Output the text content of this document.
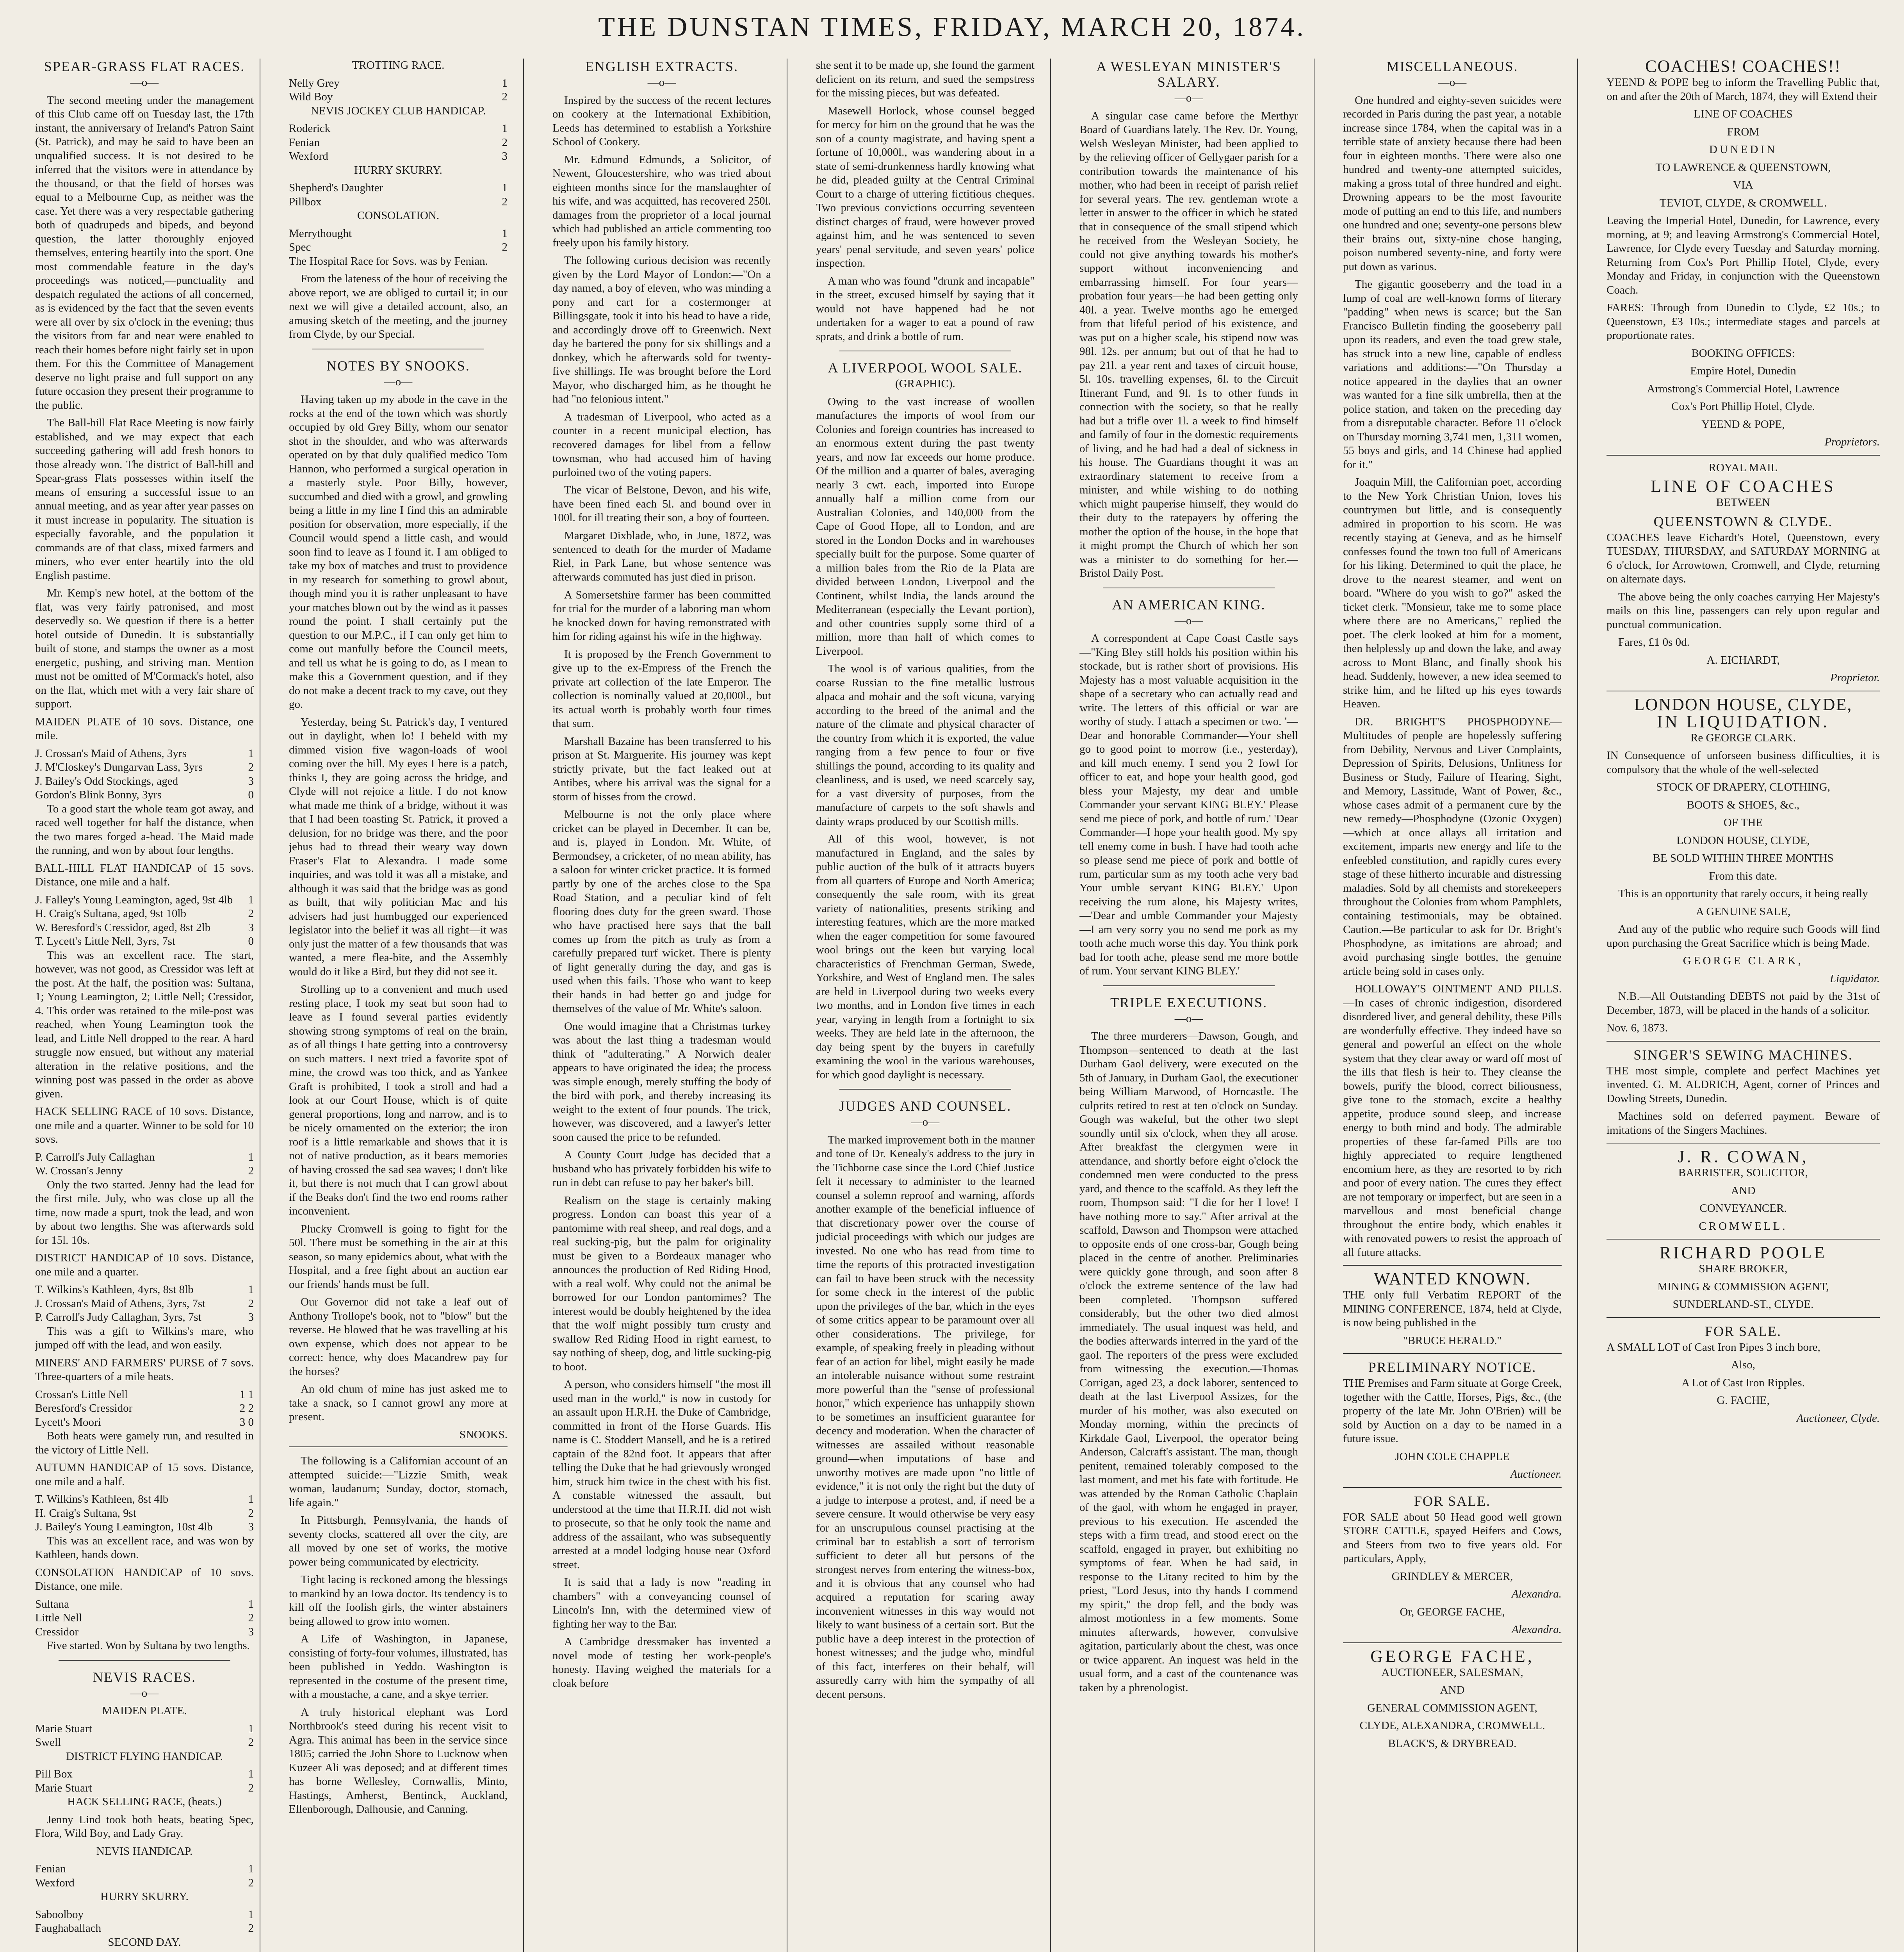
THE DUNSTAN TIMES, FRIDAY, MARCH 20, 1874.
SPEAR-GRASS FLAT RACES.
—o—

The second meeting under the management of this Club came off on Tuesday last, the 17th instant, the anniversary of Ireland's Patron Saint (St. Patrick), and may be said to have been an unqualified success. It is not desired to be inferred that the visitors were in attendance by the thousand, or that the field of horses was equal to a Melbourne Cup, as neither was the case. Yet there was a very respectable gathering both of quadrupeds and bipeds, and beyond question, the latter thoroughly enjoyed themselves, entering heartily into the sport. One most commendable feature in the day's proceedings was noticed,—punctuality and despatch regulated the actions of all concerned, as is evidenced by the fact that the seven events were all over by six o'clock in the evening; thus the visitors from far and near were enabled to reach their homes before night fairly set in upon them. For this the Committee of Management deserve no light praise and full support on any future occasion they present their programme to the public.

The Ball-hill Flat Race Meeting is now fairly established, and we may expect that each succeeding gathering will add fresh honors to those already won. The district of Ball-hill and Spear-grass Flats possesses within itself the means of ensuring a successful issue to an annual meeting, and as year after year passes on it must increase in popularity. The situation is especially favorable, and the population it commands are of that class, mixed farmers and miners, who ever enter heartily into the old English pastime.

Mr. Kemp's new hotel, at the bottom of the flat, was very fairly patronised, and most deservedly so. We question if there is a better hotel outside of Dunedin. It is substantially built of stone, and stamps the owner as a most energetic, pushing, and striving man. Mention must not be omitted of M'Cormack's hotel, also on the flat, which met with a very fair share of support.

MAIDEN PLATE of 10 sovs. Distance, one mile.

J. Crossan's Maid of Athens, 3yrs	1
J. M'Closkey's Dungarvan Lass, 3yrs	2
J. Bailey's Odd Stockings, aged	3
Gordon's Blink Bonny, 3yrs	0

To a good start the whole team got away, and raced well together for half the distance, when the two mares forged a-head. The Maid made the running, and won by about four lengths.

BALL-HILL FLAT HANDICAP of 15 sovs. Distance, one mile and a half.

J. Falley's Young Leamington, aged, 9st 4lb 1
H. Craig's Sultana, aged, 9st 10lb	2
W. Beresford's Cressidor, aged, 8st 2lb	3
T. Lycett's Little Nell, 3yrs, 7st	0

This was an excellent race. The start, however, was not good, as Cressidor was left at the post. At the half, the position was: Sultana, 1; Young Leamington, 2; Little Nell; Cressidor, 4. This order was retained to the mile-post was reached, when Young Leamington took the lead, and Little Nell dropped to the rear. A hard struggle now ensued, but without any material alteration in the relative positions, and the winning post was passed in the order as above given.

HACK SELLING RACE of 10 sovs. Distance, one mile and a quarter. Winner to be sold for 10 sovs.

P. Carroll's July Callaghan	1
W. Crossan's Jenny	2

Only the two started. Jenny had the lead for the first mile. July, who was close up all the time, now made a spurt, took the lead, and won by about two lengths. She was afterwards sold for 15l. 10s.

DISTRICT HANDICAP of 10 sovs. Distance, one mile and a quarter.

T. Wilkins's Kathleen, 4yrs, 8st 8lb	1
J. Crossan's Maid of Athens, 3yrs, 7st	2
P. Carroll's Judy Callaghan, 3yrs, 7st	3

This was a gift to Wilkins's mare, who jumped off with the lead, and won easily.

MINERS' AND FARMERS' PURSE of 7 sovs. Three-quarters of a mile heats.

Crossan's Little Nell	1 1
Beresford's Cressidor	2 2
Lycett's Moori	3 0

Both heats were gamely run, and resulted in the victory of Little Nell.

AUTUMN HANDICAP of 15 sovs. Distance, one mile and a half.

T. Wilkins's Kathleen, 8st 4lb	1
H. Craig's Sultana, 9st	2
J. Bailey's Young Leamington, 10st 4lb	3

This was an excellent race, and was won by Kathleen, hands down.

CONSOLATION HANDICAP of 10 sovs. Distance, one mile.

Sultana	1
Little Nell	2
Cressidor	3

Five started. Won by Sultana by two lengths.

NEVIS RACES.
—o—

MAIDEN PLATE.

Marie Stuart	1
Swell	2

DISTRICT FLYING HANDICAP.

Pill Box	1
Marie Stuart	2

HACK SELLING RACE, (heats.)

Jenny Lind took both heats, beating Spec, Flora, Wild Boy, and Lady Gray.

NEVIS HANDICAP.

Fenian	1
Wexford	2

HURRY SKURRY.

Saboolboy	1
Faughaballach	2

SECOND DAY.

TROTTING RACE.

Nelly Grey	1
Wild Boy	2

NEVIS JOCKEY CLUB HANDICAP.

Roderick	1
Fenian	2
Wexford	3

HURRY SKURRY.

Shepherd's Daughter	1
Pillbox	2

CONSOLATION.

Merrythought	1
Spec	2

The Hospital Race for Sovs. was by Fenian.

From the lateness of the hour of receiving the above report, we are obliged to curtail it; in our next we will give a detailed account, also, an amusing sketch of the meeting, and the journey from Clyde, by our Special.

NOTES BY SNOOKS.
—o—

Having taken up my abode in the cave in the rocks at the end of the town which was shortly occupied by old Grey Billy, whom our senator shot in the shoulder, and who was afterwards operated on by that duly qualified medico Tom Hannon, who performed a surgical operation in a masterly style. Poor Billy, however, succumbed and died with a growl, and growling being a little in my line I find this an admirable position for observation, more especially, if the Council would spend a little cash, and would soon find to leave as I found it. I am obliged to take my box of matches and trust to providence in my research for something to growl about, though mind you it is rather unpleasant to have your matches blown out by the wind as it passes round the point. I shall certainly put the question to our M.P.C., if I can only get him to come out manfully before the Council meets, and tell us what he is going to do, as I mean to make this a Government question, and if they do not make a decent track to my cave, out they go.

Yesterday, being St. Patrick's day, I ventured out in daylight, when lo! I beheld with my dimmed vision five wagon-loads of wool coming over the hill. My eyes I here is a patch, thinks I, they are going across the bridge, and Clyde will not rejoice a little. I do not know what made me think of a bridge, without it was that I had been toasting St. Patrick, it proved a delusion, for no bridge was there, and the poor jehus had to thread their weary way down Fraser's Flat to Alexandra. I made some inquiries, and was told it was all a mistake, and although it was said that the bridge was as good as built, that wily politician Mac and his advisers had just humbugged our experienced legislator into the belief it was all right—it was only just the matter of a few thousands that was wanted, a mere flea-bite, and the Assembly would do it like a Bird, but they did not see it.

Strolling up to a convenient and much used resting place, I took my seat but soon had to leave as I found several parties evidently showing strong symptoms of real on the brain, as of all things I hate getting into a controversy on such matters. I next tried a favorite spot of mine, the crowd was too thick, and as Yankee Graft is prohibited, I took a stroll and had a look at our Court House, which is of quite general proportions, long and narrow, and is to be nicely ornamented on the exterior; the iron roof is a little remarkable and shows that it is not of native production, as it bears memories of having crossed the sad sea waves; I don't like it, but there is not much that I can growl about if the Beaks don't find the two end rooms rather inconvenient.

Plucky Cromwell is going to fight for the 50l. There must be something in the air at this season, so many epidemics about, what with the Hospital, and a free fight about an auction ear our friends' hands must be full.

Our Governor did not take a leaf out of Anthony Trollope's book, not to "blow" but the reverse. He blowed that he was travelling at his own expense, which does not appear to be correct: hence, why does Macandrew pay for the horses?

An old chum of mine has just asked me to take a snack, so I cannot growl any more at present.

SNOOKS.

The following is a Californian account of an attempted suicide:—"Lizzie Smith, weak woman, laudanum; Sunday, doctor, stomach, life again."

In Pittsburgh, Pennsylvania, the hands of seventy clocks, scattered all over the city, are all moved by one set of works, the motive power being communicated by electricity.

Tight lacing is reckoned among the blessings to mankind by an Iowa doctor. Its tendency is to kill off the foolish girls, the winter abstainers being allowed to grow into women.

A Life of Washington, in Japanese, consisting of forty-four volumes, illustrated, has been published in Yeddo. Washington is represented in the costume of the present time, with a moustache, a cane, and a skye terrier.

A truly historical elephant was Lord Northbrook's steed during his recent visit to Agra. This animal has been in the service since 1805; carried the John Shore to Lucknow when Kuzeer Ali was deposed; and at different times has borne Wellesley, Cornwallis, Minto, Hastings, Amherst, Bentinck, Auckland, Ellenborough, Dalhousie, and Canning.

ENGLISH EXTRACTS.
—o—

Inspired by the success of the recent lectures on cookery at the International Exhibition, Leeds has determined to establish a Yorkshire School of Cookery.

Mr. Edmund Edmunds, a Solicitor, of Newent, Gloucestershire, who was tried about eighteen months since for the manslaughter of his wife, and was acquitted, has recovered 250l. damages from the proprietor of a local journal which had published an article commenting too freely upon his family history.

The following curious decision was recently given by the Lord Mayor of London:—"On a day named, a boy of eleven, who was minding a pony and cart for a costermonger at Billingsgate, took it into his head to have a ride, and accordingly drove off to Greenwich. Next day he bartered the pony for six shillings and a donkey, which he afterwards sold for twenty-five shillings. He was brought before the Lord Mayor, who discharged him, as he thought he had "no felonious intent."

A tradesman of Liverpool, who acted as a counter in a recent municipal election, has recovered damages for libel from a fellow townsman, who had accused him of having purloined two of the voting papers.

The vicar of Belstone, Devon, and his wife, have been fined each 5l. and bound over in 100l. for ill treating their son, a boy of fourteen.

Margaret Dixblade, who, in June, 1872, was sentenced to death for the murder of Madame Riel, in Park Lane, but whose sentence was afterwards commuted has just died in prison.

A Somersetshire farmer has been committed for trial for the murder of a laboring man whom he knocked down for having remonstrated with him for riding against his wife in the highway.

It is proposed by the French Government to give up to the ex-Empress of the French the private art collection of the late Emperor. The collection is nominally valued at 20,000l., but its actual worth is probably worth four times that sum.

Marshall Bazaine has been transferred to his prison at St. Marguerite. His journey was kept strictly private, but the fact leaked out at Antibes, where his arrival was the signal for a storm of hisses from the crowd.

Melbourne is not the only place where cricket can be played in December. It can be, and is, played in London. Mr. White, of Bermondsey, a cricketer, of no mean ability, has a saloon for winter cricket practice. It is formed partly by one of the arches close to the Spa Road Station, and a peculiar kind of felt flooring does duty for the green sward. Those who have practised here says that the ball comes up from the pitch as truly as from a carefully prepared turf wicket. There is plenty of light generally during the day, and gas is used when this fails. Those who want to keep their hands in had better go and judge for themselves of the value of Mr. White's saloon.

One would imagine that a Christmas turkey was about the last thing a tradesman would think of "adulterating." A Norwich dealer appears to have originated the idea; the process was simple enough, merely stuffing the body of the bird with pork, and thereby increasing its weight to the extent of four pounds. The trick, however, was discovered, and a lawyer's letter soon caused the price to be refunded.

A County Court Judge has decided that a husband who has privately forbidden his wife to run in debt can refuse to pay her baker's bill.

Realism on the stage is certainly making progress. London can boast this year of a pantomime with real sheep, and real dogs, and a real sucking-pig, but the palm for originality must be given to a Bordeaux manager who announces the production of Red Riding Hood, with a real wolf. Why could not the animal be borrowed for our London pantomimes? The interest would be doubly heightened by the idea that the wolf might possibly turn crusty and swallow Red Riding Hood in right earnest, to say nothing of sheep, dog, and little sucking-pig to boot.

A person, who considers himself "the most ill used man in the world," is now in custody for an assault upon H.R.H. the Duke of Cambridge, committed in front of the Horse Guards. His name is C. Stoddert Mansell, and he is a retired captain of the 82nd foot. It appears that after telling the Duke that he had grievously wronged him, struck him twice in the chest with his fist. A constable witnessed the assault, but understood at the time that H.R.H. did not wish to prosecute, so that he only took the name and address of the assailant, who was subsequently arrested at a model lodging house near Oxford street.

It is said that a lady is now "reading in chambers" with a conveyancing counsel of Lincoln's Inn, with the determined view of fighting her way to the Bar.

A Cambridge dressmaker has invented a novel mode of testing her work-people's honesty. Having weighed the materials for a cloak before

she sent it to be made up, she found the garment deficient on its return, and sued the sempstress for the missing pieces, but was defeated.

Masewell Horlock, whose counsel begged for mercy for him on the ground that he was the son of a county magistrate, and having spent a fortune of 10,000l., was wandering about in a state of semi-drunkenness hardly knowing what he did, pleaded guilty at the Central Criminal Court to a charge of uttering fictitious cheques. Two previous convictions occurring seventeen distinct charges of fraud, were however proved against him, and he was sentenced to seven years' penal servitude, and seven years' police inspection.

A man who was found "drunk and incapable" in the street, excused himself by saying that it would not have happened had he not undertaken for a wager to eat a pound of raw sprats, and drink a bottle of rum.

A LIVERPOOL WOOL SALE.

(GRAPHIC).

Owing to the vast increase of woollen manufactures the imports of wool from our Colonies and foreign countries has increased to an enormous extent during the past twenty years, and now far exceeds our home produce. Of the million and a quarter of bales, averaging nearly 3 cwt. each, imported into Europe annually half a million come from our Australian Colonies, and 140,000 from the Cape of Good Hope, all to London, and are stored in the London Docks and in warehouses specially built for the purpose. Some quarter of a million bales from the Rio de la Plata are divided between London, Liverpool and the Continent, whilst India, the lands around the Mediterranean (especially the Levant portion), and other countries supply some third of a million, more than half of which comes to Liverpool.

The wool is of various qualities, from the coarse Russian to the fine metallic lustrous alpaca and mohair and the soft vicuna, varying according to the breed of the animal and the nature of the climate and physical character of the country from which it is exported, the value ranging from a few pence to four or five shillings the pound, according to its quality and cleanliness, and is used, we need scarcely say, for a vast diversity of purposes, from the manufacture of carpets to the soft shawls and dainty wraps produced by our Scottish mills.

All of this wool, however, is not manufactured in England, and the sales by public auction of the bulk of it attracts buyers from all quarters of Europe and North America; consequently the sale room, with its great variety of nationalities, presents striking and interesting features, which are the more marked when the eager competition for some favoured wool brings out the keen but varying local characteristics of Frenchman German, Swede, Yorkshire, and West of England men. The sales are held in Liverpool during two weeks every two months, and in London five times in each year, varying in length from a fortnight to six weeks. They are held late in the afternoon, the day being spent by the buyers in carefully examining the wool in the various warehouses, for which good daylight is necessary.

JUDGES AND COUNSEL.
—o—

The marked improvement both in the manner and tone of Dr. Kenealy's address to the jury in the Tichborne case since the Lord Chief Justice felt it necessary to administer to the learned counsel a solemn reproof and warning, affords another example of the beneficial influence of that discretionary power over the course of judicial proceedings with which our judges are invested. No one who has read from time to time the reports of this protracted investigation can fail to have been struck with the necessity for some check in the interest of the public upon the privileges of the bar, which in the eyes of some critics appear to be paramount over all other considerations. The privilege, for example, of speaking freely in pleading without fear of an action for libel, might easily be made an intolerable nuisance without some restraint more powerful than the "sense of professional honor," which experience has unhappily shown to be sometimes an insufficient guarantee for decency and moderation. When the character of witnesses are assailed without reasonable ground—when imputations of base and unworthy motives are made upon "no little of evidence," it is not only the right but the duty of a judge to interpose a protest, and, if need be a severe censure. It would otherwise be very easy for an unscrupulous counsel practising at the criminal bar to establish a sort of terrorism sufficient to deter all but persons of the strongest nerves from entering the witness-box, and it is obvious that any counsel who had acquired a reputation for scaring away inconvenient witnesses in this way would not likely to want business of a certain sort. But the public have a deep interest in the protection of honest witnesses; and the judge who, mindful of this fact, interferes on their behalf, will assuredly carry with him the sympathy of all decent persons.

A WESLEYAN MINISTER'S SALARY.
—o—

A singular case came before the Merthyr Board of Guardians lately. The Rev. Dr. Young, Welsh Wesleyan Minister, had been applied to by the relieving officer of Gellygaer parish for a contribution towards the maintenance of his mother, who had been in receipt of parish relief for several years. The rev. gentleman wrote a letter in answer to the officer in which he stated that in consequence of the small stipend which he received from the Wesleyan Society, he could not give anything towards his mother's support without inconveniencing and embarrassing himself. For four years—probation four years—he had been getting only 40l. a year. Twelve months ago he emerged from that lifeful period of his existence, and was put on a higher scale, his stipend now was 98l. 12s. per annum; but out of that he had to pay 21l. a year rent and taxes of circuit house, 5l. 10s. travelling expenses, 6l. to the Circuit Itinerant Fund, and 9l. 1s to other funds in connection with the society, so that he really had but a trifle over 1l. a week to find himself and family of four in the domestic requirements of living, and he had had a deal of sickness in his house. The Guardians thought it was an extraordinary statement to receive from a minister, and while wishing to do nothing which might pauperise himself, they would do their duty to the ratepayers by offering the mother the option of the house, in the hope that it might prompt the Church of which her son was a minister to do something for her.—Bristol Daily Post.

AN AMERICAN KING.
—o—

A correspondent at Cape Coast Castle says—"King Bley still holds his position within his stockade, but is rather short of provisions. His Majesty has a most valuable acquisition in the shape of a secretary who can actually read and write. The letters of this official or war are worthy of study. I attach a specimen or two. '—Dear and honorable Commander—Your shell go to good point to morrow (i.e., yesterday), and kill much enemy. I send you 2 fowl for officer to eat, and hope your health good, god bless your Majesty, my dear and umble Commander your servant KING BLEY.' Please send me piece of pork, and bottle of rum.' 'Dear Commander—I hope your health good. My spy tell enemy come in bush. I have had tooth ache so please send me piece of pork and bottle of rum, particular sum as my tooth ache very bad Your umble servant KING BLEY.' Upon receiving the rum alone, his Majesty writes,—'Dear and umble Commander your Majesty—I am very sorry you no send me pork as my tooth ache much worse this day. You think pork bad for tooth ache, please send me more bottle of rum. Your servant KING BLEY.'

TRIPLE EXECUTIONS.
—o—

The three murderers—Dawson, Gough, and Thompson—sentenced to death at the last Durham Gaol delivery, were executed on the 5th of January, in Durham Gaol, the executioner being William Marwood, of Horncastle. The culprits retired to rest at ten o'clock on Sunday. Gough was wakeful, but the other two slept soundly until six o'clock, when they all arose. After breakfast the clergymen were in attendance, and shortly before eight o'clock the condemned men were conducted to the press yard, and thence to the scaffold. As they left the room, Thompson said: "I die for her I love! I have nothing more to say." After arrival at the scaffold, Dawson and Thompson were attached to opposite ends of one cross-bar, Gough being placed in the centre of another. Preliminaries were quickly gone through, and soon after 8 o'clock the extreme sentence of the law had been completed. Thompson suffered considerably, but the other two died almost immediately. The usual inquest was held, and the bodies afterwards interred in the yard of the gaol. The reporters of the press were excluded from witnessing the execution.—Thomas Corrigan, aged 23, a dock laborer, sentenced to death at the last Liverpool Assizes, for the murder of his mother, was also executed on Monday morning, within the precincts of Kirkdale Gaol, Liverpool, the operator being Anderson, Calcraft's assistant. The man, though penitent, remained tolerably composed to the last moment, and met his fate with fortitude. He was attended by the Roman Catholic Chaplain of the gaol, with whom he engaged in prayer, previous to his execution. He ascended the steps with a firm tread, and stood erect on the scaffold, engaged in prayer, but exhibiting no symptoms of fear. When he had said, in response to the Litany recited to him by the priest, "Lord Jesus, into thy hands I commend my spirit," the drop fell, and the body was almost motionless in a few moments. Some minutes afterwards, however, convulsive agitation, particularly about the chest, was once or twice apparent. An inquest was held in the usual form, and a cast of the countenance was taken by a phrenologist.

MISCELLANEOUS.
—o—

One hundred and eighty-seven suicides were recorded in Paris during the past year, a notable increase since 1784, when the capital was in a terrible state of anxiety because there had been four in eighteen months. There were also one hundred and twenty-one attempted suicides, making a gross total of three hundred and eight. Drowning appears to be the most favourite mode of putting an end to this life, and numbers one hundred and one; seventy-one persons blew their brains out, sixty-nine chose hanging, poison numbered seventy-nine, and forty were put down as various.

The gigantic gooseberry and the toad in a lump of coal are well-known forms of literary "padding" when news is scarce; but the San Francisco Bulletin finding the gooseberry pall upon its readers, and even the toad grew stale, has struck into a new line, capable of endless variations and additions:—"On Thursday a notice appeared in the daylies that an owner was wanted for a fine silk umbrella, then at the police station, and taken on the preceding day from a disreputable character. Before 11 o'clock on Thursday morning 3,741 men, 1,311 women, 55 boys and girls, and 14 Chinese had applied for it."

Joaquin Mill, the Californian poet, according to the New York Christian Union, loves his countrymen but little, and is consequently admired in proportion to his scorn. He was recently staying at Geneva, and as he himself confesses found the town too full of Americans for his liking. Determined to quit the place, he drove to the nearest steamer, and went on board. "Where do you wish to go?" asked the ticket clerk. "Monsieur, take me to some place where there are no Americans," replied the poet. The clerk looked at him for a moment, then helplessly up and down the lake, and away across to Mont Blanc, and finally shook his head. Suddenly, however, a new idea seemed to strike him, and he lifted up his eyes towards Heaven.

DR. BRIGHT'S PHOSPHODYNE—Multitudes of people are hopelessly suffering from Debility, Nervous and Liver Complaints, Depression of Spirits, Delusions, Unfitness for Business or Study, Failure of Hearing, Sight, and Memory, Lassitude, Want of Power, &c., whose cases admit of a permanent cure by the new remedy—Phosphodyne (Ozonic Oxygen)—which at once allays all irritation and excitement, imparts new energy and life to the enfeebled constitution, and rapidly cures every stage of these hitherto incurable and distressing maladies. Sold by all chemists and storekeepers throughout the Colonies from whom Pamphlets, containing testimonials, may be obtained. Caution.—Be particular to ask for Dr. Bright's Phosphodyne, as imitations are abroad; and avoid purchasing single bottles, the genuine article being sold in cases only.

HOLLOWAY'S OINTMENT AND PILLS.—In cases of chronic indigestion, disordered disordered liver, and general debility, these Pills are wonderfully effective. They indeed have so general and powerful an effect on the whole system that they clear away or ward off most of the ills that flesh is heir to. They cleanse the bowels, purify the blood, correct biliousness, give tone to the stomach, excite a healthy appetite, produce sound sleep, and increase energy to both mind and body. The admirable properties of these far-famed Pills are too highly appreciated to require lengthened encomium here, as they are resorted to by rich and poor of every nation. The cures they effect are not temporary or imperfect, but are seen in a marvellous and most beneficial change throughout the entire body, which enables it with renovated powers to resist the approach of all future attacks.

WANTED KNOWN.

THE only full Verbatim REPORT of the MINING CONFERENCE, 1874, held at Clyde, is now being published in the

"BRUCE HERALD."

PRELIMINARY NOTICE.

THE Premises and Farm situate at Gorge Creek, together with the Cattle, Horses, Pigs, &c., (the property of the late Mr. John O'Brien) will be sold by Auction on a day to be named in a future issue.

JOHN COLE CHAPPLE

Auctioneer.

FOR SALE.

FOR SALE about 50 Head good well grown STORE CATTLE, spayed Heifers and Cows, and Steers from two to five years old. For particulars, Apply,

GRINDLEY & MERCER,

Alexandra.

Or, GEORGE FACHE,

Alexandra.

GEORGE FACHE,

AUCTIONEER, SALESMAN,

AND

GENERAL COMMISSION AGENT,

CLYDE, ALEXANDRA, CROMWELL.

BLACK'S, & DRYBREAD.

COACHES! COACHES!!

YEEND & POPE beg to inform the Travelling Public that, on and after the 20th of March, 1874, they will Extend their

LINE OF COACHES

FROM

DUNEDIN

TO LAWRENCE & QUEENSTOWN,

VIA

TEVIOT, CLYDE, & CROMWELL.

Leaving the Imperial Hotel, Dunedin, for Lawrence, every morning, at 9; and leaving Armstrong's Commercial Hotel, Lawrence, for Clyde every Tuesday and Saturday morning. Returning from Cox's Port Phillip Hotel, Clyde, every Monday and Friday, in conjunction with the Queenstown Coach.

FARES: Through from Dunedin to Clyde, £2 10s.; to Queenstown, £3 10s.; intermediate stages and parcels at proportionate rates.

BOOKING OFFICES:

Empire Hotel, Dunedin

Armstrong's Commercial Hotel, Lawrence

Cox's Port Phillip Hotel, Clyde.

YEEND & POPE,

Proprietors.

ROYAL MAIL

LINE OF COACHES

BETWEEN

QUEENSTOWN & CLYDE.

COACHES leave Eichardt's Hotel, Queenstown, every TUESDAY, THURSDAY, and SATURDAY MORNING at 6 o'clock, for Arrowtown, Cromwell, and Clyde, returning on alternate days.

The above being the only coaches carrying Her Majesty's mails on this line, passengers can rely upon regular and punctual communication.

Fares, £1 0s 0d.

A. EICHARDT,

Proprietor.

LONDON HOUSE, CLYDE,
IN LIQUIDATION.

Re GEORGE CLARK.

IN Consequence of unforseen business difficulties, it is compulsory that the whole of the well-selected

STOCK OF DRAPERY, CLOTHING,

BOOTS & SHOES, &c.,

OF THE

LONDON HOUSE, CLYDE,

BE SOLD WITHIN THREE MONTHS

From this date.

This is an opportunity that rarely occurs, it being really

A GENUINE SALE,

And any of the public who require such Goods will find upon purchasing the Great Sacrifice which is being Made.

GEORGE CLARK,

Liquidator.

N.B.—All Outstanding DEBTS not paid by the 31st of December, 1873, will be placed in the hands of a solicitor.

Nov. 6, 1873.

SINGER'S SEWING MACHINES.

THE most simple, complete and perfect Machines yet invented. G. M. ALDRICH, Agent, corner of Princes and Dowling Streets, Dunedin.

Machines sold on deferred payment. Beware of imitations of the Singers Machines.

J. R. COWAN,

BARRISTER, SOLICITOR,

AND

CONVEYANCER.

CROMWELL.

RICHARD POOLE

SHARE BROKER,

MINING & COMMISSION AGENT,

SUNDERLAND-ST., CLYDE.

FOR SALE.

A SMALL LOT of Cast Iron Pipes 3 inch bore,

Also,

A Lot of Cast Iron Ripples.

G. FACHE,

Auctioneer, Clyde.
